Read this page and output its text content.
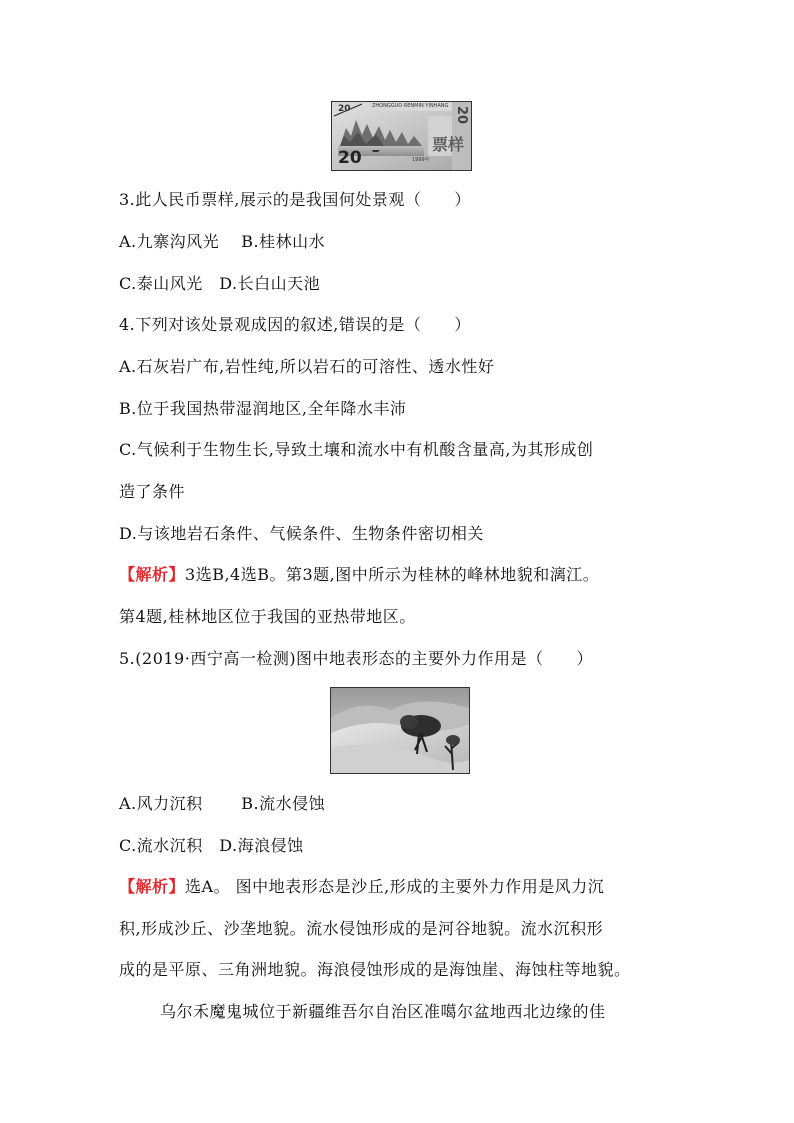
20	ZHONGGUO RENMIN YINHANG
20	1999年
票样
20
3.此人民币票样,展示的是我国何处景观（　　）
A.九寨沟风光　 B.桂林山水
C.泰山风光　D.长白山天池
4.下列对该处景观成因的叙述,错误的是（　　）
A.石灰岩广布,岩性纯,所以岩石的可溶性、透水性好
B.位于我国热带湿润地区,全年降水丰沛
C.气候利于生物生长,导致土壤和流水中有机酸含量高,为其形成创
造了条件
D.与该地岩石条件、气候条件、生物条件密切相关
【解析】3选B,4选B。第3题,图中所示为桂林的峰林地貌和漓江。
第4题,桂林地区位于我国的亚热带地区。
5.(2019·西宁高一检测)图中地表形态的主要外力作用是（　　）
A.风力沉积　　 B.流水侵蚀
C.流水沉积　D.海浪侵蚀
【解析】选A。 图中地表形态是沙丘,形成的主要外力作用是风力沉
积,形成沙丘、沙垄地貌。流水侵蚀形成的是河谷地貌。流水沉积形
成的是平原、三角洲地貌。海浪侵蚀形成的是海蚀崖、海蚀柱等地貌。
乌尔禾魔鬼城位于新疆维吾尔自治区准噶尔盆地西北边缘的佳
